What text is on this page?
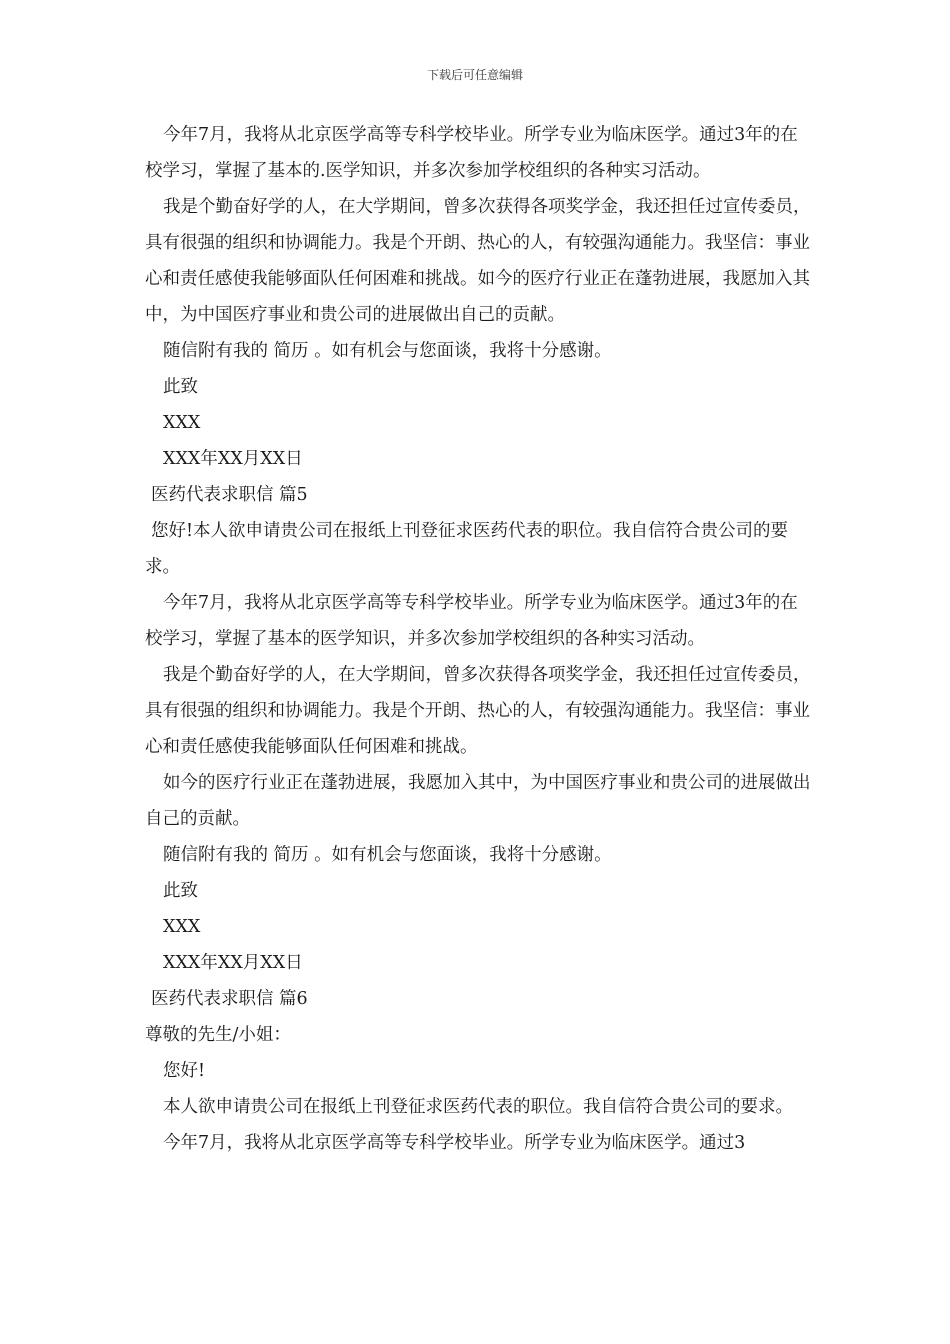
下载后可任意编辑

今年7月，我将从北京医学高等专科学校毕业。所学专业为临床医学。通过3年的在校学习，掌握了基本的.医学知识，并多次参加学校组织的各种实习活动。

我是个勤奋好学的人，在大学期间，曾多次获得各项奖学金，我还担任过宣传委员，具有很强的组织和协调能力。我是个开朗、热心的人，有较强沟通能力。我坚信：事业心和责任感使我能够面队任何困难和挑战。如今的医疗行业正在蓬勃进展，我愿加入其中，为中国医疗事业和贵公司的进展做出自己的贡献。

随信附有我的 简历 。如有机会与您面谈，我将十分感谢。

此致

XXX

XXX年XX月XX日

医药代表求职信 篇5

您好!本人欲申请贵公司在报纸上刊登征求医药代表的职位。我自信符合贵公司的要求。

今年7月，我将从北京医学高等专科学校毕业。所学专业为临床医学。通过3年的在校学习，掌握了基本的医学知识，并多次参加学校组织的各种实习活动。

我是个勤奋好学的人，在大学期间，曾多次获得各项奖学金，我还担任过宣传委员，具有很强的组织和协调能力。我是个开朗、热心的人，有较强沟通能力。我坚信：事业心和责任感使我能够面队任何困难和挑战。

如今的医疗行业正在蓬勃进展，我愿加入其中，为中国医疗事业和贵公司的进展做出自己的贡献。

随信附有我的 简历 。如有机会与您面谈，我将十分感谢。

此致

XXX

XXX年XX月XX日

医药代表求职信 篇6

尊敬的先生/小姐：

您好!

本人欲申请贵公司在报纸上刊登征求医药代表的职位。我自信符合贵公司的要求。

今年7月，我将从北京医学高等专科学校毕业。所学专业为临床医学。通过3
